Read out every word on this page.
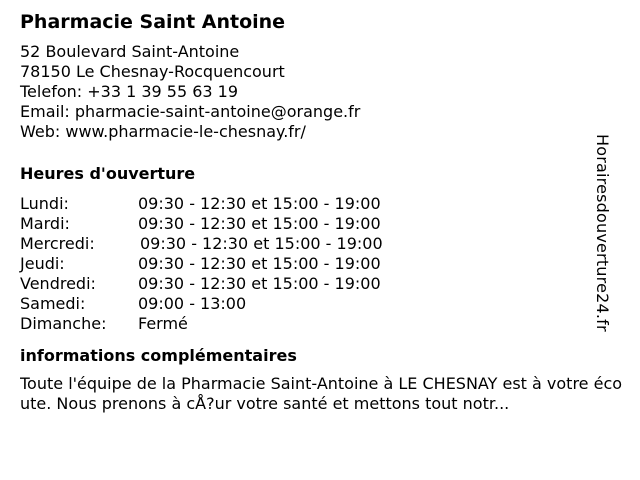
Pharmacie Saint Antoine
52 Boulevard Saint-Antoine
78150 Le Chesnay-Rocquencourt
Telefon: +33 1 39 55 63 19
Email: pharmacie-saint-antoine@orange.fr
Web: www.pharmacie-le-chesnay.fr/
Heures d'ouverture
Lundi:	09:30 - 12:30 et 15:00 - 19:00
Mardi:	09:30 - 12:30 et 15:00 - 19:00
Mercredi:	09:30 - 12:30 et 15:00 - 19:00
Jeudi:	09:30 - 12:30 et 15:00 - 19:00
Vendredi:	09:30 - 12:30 et 15:00 - 19:00
Samedi:	09:00 - 13:00
Dimanche: Fermé
informations complémentaires
Toute l'équipe de la Pharmacie Saint-Antoine à LE CHESNAY est à votre écoute. Nous prenons à cÅ?ur votre santé et mettons tout notr...
Horairesdouverture24.fr
